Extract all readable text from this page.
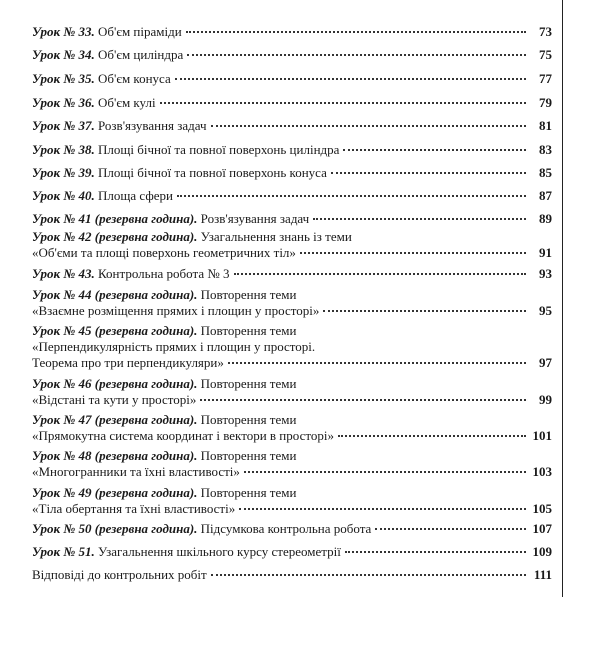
Урок № 33.
Об'єм піраміди	73
Урок № 34.
Об'єм циліндра	75
Урок № 35.
Об'єм конуса	77
Урок № 36.
Об'єм кулі	79
Урок № 37.
Розв'язування задач	81
Урок № 38.
Площі бічної та повної поверхонь циліндра	83
Урок № 39.
Площі бічної та повної поверхонь конуса	85
Урок № 40.
Площа сфери	87
Урок № 41
(резервна година).
Розв'язування задач	89
Урок № 42
(резервна година).
Узагальнення знань із теми
«Об'єми та площі поверхонь геометричних тіл»	91
Урок № 43.
Контрольна робота № 3	93
Урок № 44
(резервна година).
Повторення теми
«Взаємне розміщення прямих і площин у просторі»	95
Урок № 45
(резервна година).
Повторення теми
«Перпендикулярність прямих і площин у просторі.
Теорема про три перпендикуляри»	97
Урок № 46
(резервна година).
Повторення теми
«Відстані та кути у просторі»	99
Урок № 47
(резервна година).
Повторення теми
«Прямокутна система координат і вектори в просторі»	101
Урок № 48
(резервна година).
Повторення теми
«Многогранники та їхні властивості»	103
Урок № 49
(резервна година).
Повторення теми
«Тіла обертання та їхні властивості»	105
Урок № 50
(резервна година).
Підсумкова контрольна робота	107
Урок № 51.
Узагальнення шкільного курсу стереометрії	109
Відповіді до контрольних робіт	111
